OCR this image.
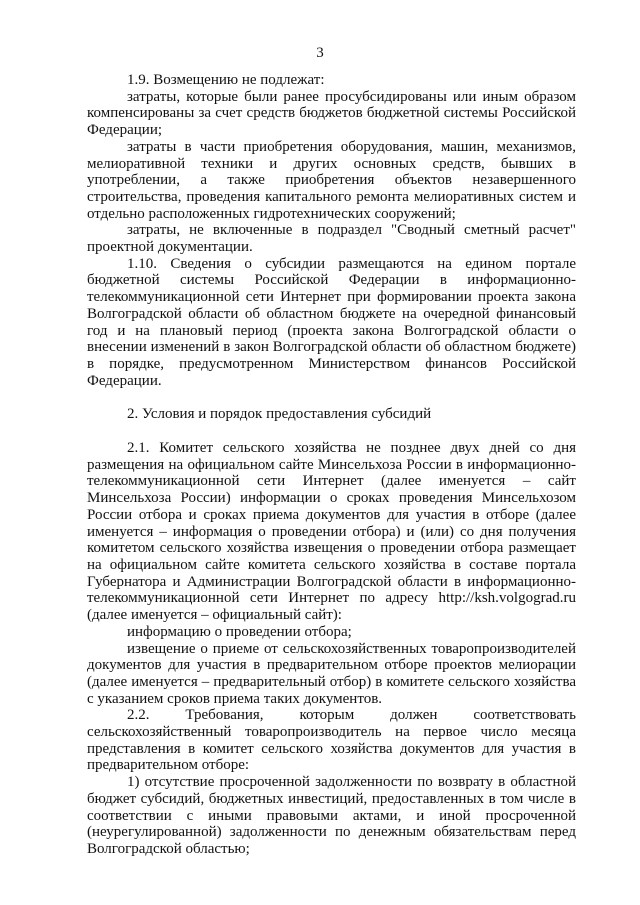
3

1.9. Возмещению не подлежат:

затраты, которые были ранее просубсидированы или иным образом компенсированы за счет средств бюджетов бюджетной системы Российской Федерации;

затраты в части приобретения оборудования, машин, механизмов, мелиоративной техники и других основных средств, бывших в употреблении, а также приобретения объектов незавершенного строительства, проведения капитального ремонта мелиоративных систем и отдельно расположенных гидротехнических сооружений;

затраты, не включенные в подраздел "Сводный сметный расчет" проектной документации.

1.10. Сведения о субсидии размещаются на едином портале бюджетной системы Российской Федерации в информационно-телекоммуникационной сети Интернет при формировании проекта закона Волгоградской области об областном бюджете на очередной финансовый год и на плановый период (проекта закона Волгоградской области о внесении изменений в закон Волгоградской области об областном бюджете) в порядке, предусмотренном Министерством финансов Российской Федерации.

2. Условия и порядок предоставления субсидий

2.1. Комитет сельского хозяйства не позднее двух дней со дня размещения на официальном сайте Минсельхоза России в информационно-телекоммуникационной сети Интернет (далее именуется – сайт Минсельхоза России) информации о сроках проведения Минсельхозом России отбора и сроках приема документов для участия в отборе (далее именуется – информация о проведении отбора) и (или) со дня получения комитетом сельского хозяйства извещения о проведении отбора размещает на официальном сайте комитета сельского хозяйства в составе портала Губернатора и Администрации Волгоградской области в информационно-телекоммуникационной сети Интернет по адресу http://ksh.volgograd.ru (далее именуется – официальный сайт):

информацию о проведении отбора;

извещение о приеме от сельскохозяйственных товаропроизводителей документов для участия в предварительном отборе проектов мелиорации (далее именуется – предварительный отбор) в комитете сельского хозяйства с указанием сроков приема таких документов.

2.2. Требования, которым должен соответствовать сельскохозяйственный товаропроизводитель на первое число месяца представления в комитет сельского хозяйства документов для участия в предварительном отборе:

1) отсутствие просроченной задолженности по возврату в областной бюджет субсидий, бюджетных инвестиций, предоставленных в том числе в соответствии с иными правовыми актами, и иной просроченной (неурегулированной) задолженности по денежным обязательствам перед Волгоградской областью;
